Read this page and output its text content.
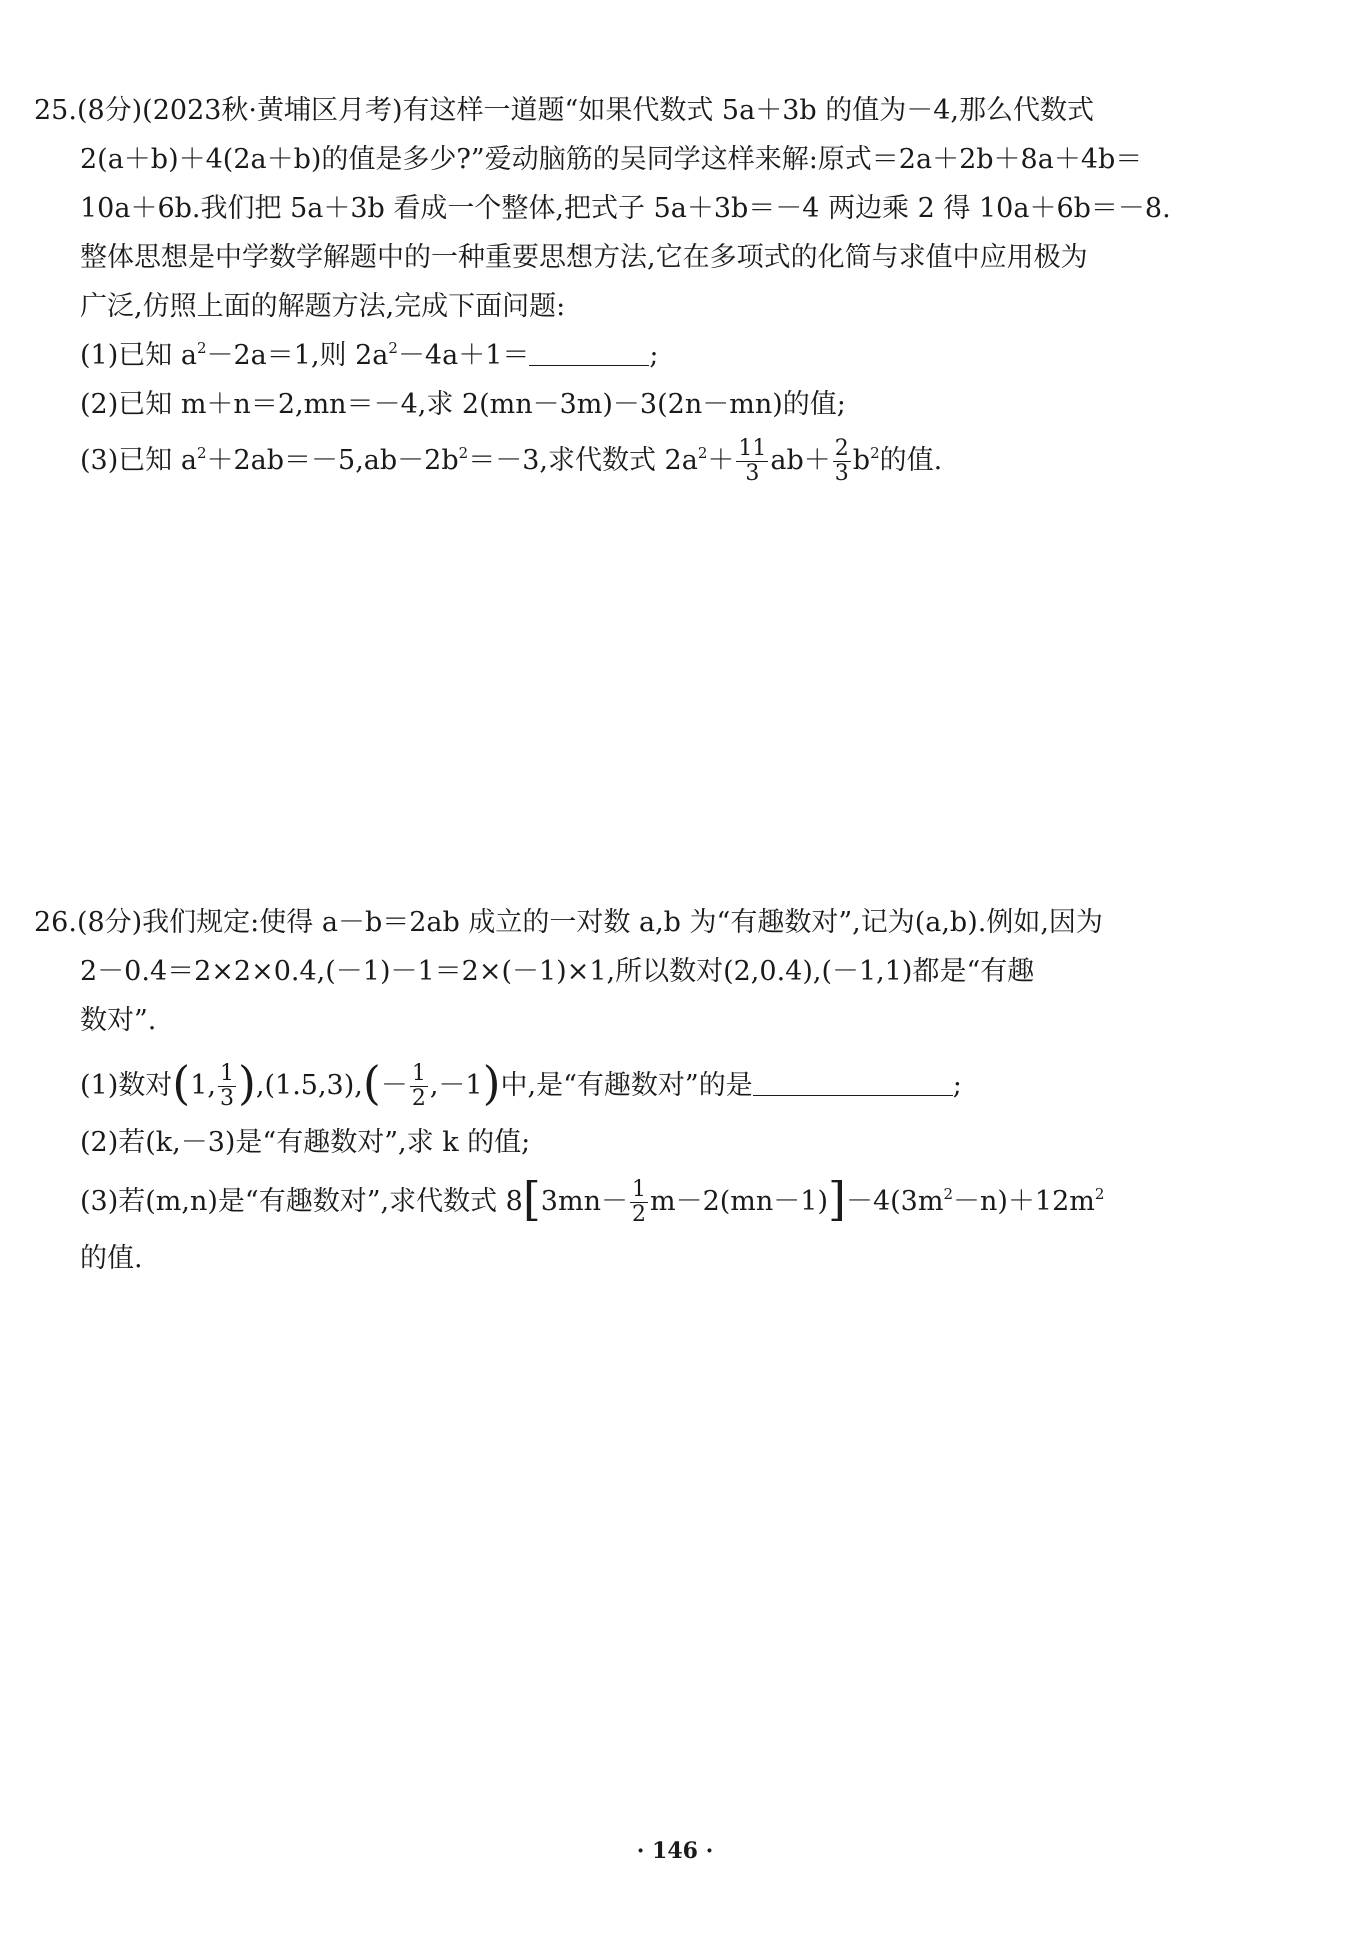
25.(8分)(2023秋·黄埔区月考)有这样一道题“如果代数式 5a＋3b 的值为－4,那么代数式
2(a＋b)＋4(2a＋b)的值是多少?”爱动脑筋的吴同学这样来解:原式＝2a＋2b＋8a＋4b＝
10a＋6b.我们把 5a＋3b 看成一个整体,把式子 5a＋3b＝－4 两边乘 2 得 10a＋6b＝－8.
整体思想是中学数学解题中的一种重要思想方法,它在多项式的化简与求值中应用极为
广泛,仿照上面的解题方法,完成下面问题:
(1)已知 $a^2-2a=1$,则 $2a^2-4a+1=$	;
(2)已知 m＋n＝2,mn＝－4,求 2(mn－3m)－3(2n－mn)的值;
(3)已知 $a^2+2ab=-5,ab-2b^2=-3$,求代数式 $2a^2+ \frac{11}{3} ab+ \frac{2}{3} b^2$的值.
26.(8分)我们规定:使得 a－b＝2ab 成立的一对数 a,b 为“有趣数对”,记为(a,b).例如,因为
2－0.4＝2×2×0.4,(－1)－1＝2×(－1)×1,所以数对(2,0.4),(－1,1)都是“有趣
数对”.
(1)数对(1, $\frac{1}{3} ),(1.5,3),(- \frac{1}{2} ,-1)$中,是“有趣数对”的是	;
(2)若(k,－3)是“有趣数对”,求 k 的值;
(3)若(m,n)是“有趣数对”,求代数式 $8[3mn- \frac{1}{2} m-2(mn-1)]-4(3m^2-n)+12m^2$
的值.
· 146 ·
